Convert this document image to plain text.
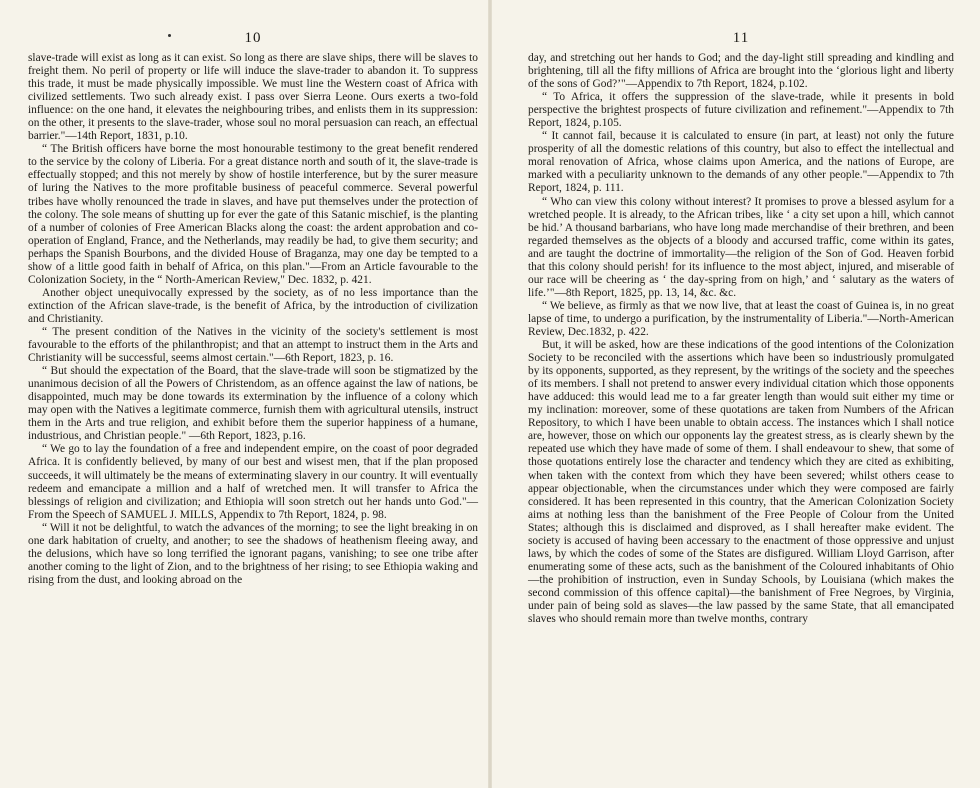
10

slave-trade will exist as long as it can exist. So long as there are slave ships, there will be slaves to freight them. No peril of property or life will induce the slave-trader to abandon it. To suppress this trade, it must be made physically impossible. We must line the Western coast of Africa with civilized settlements. Two such already exist. I pass over Sierra Leone. Ours exerts a two-fold influence: on the one hand, it elevates the neighbouring tribes, and enlists them in its suppression: on the other, it presents to the slave-trader, whose soul no moral persuasion can reach, an effectual barrier."—14th Report, 1831, p.10.

“ The British officers have borne the most honourable testimony to the great benefit rendered to the service by the colony of Liberia. For a great distance north and south of it, the slave-trade is effectually stopped; and this not merely by show of hostile interference, but by the surer measure of luring the Natives to the more profitable business of peaceful commerce. Several powerful tribes have wholly renounced the trade in slaves, and have put themselves under the protection of the colony. The sole means of shutting up for ever the gate of this Satanic mischief, is the planting of a number of colonies of Free American Blacks along the coast: the ardent approbation and co-operation of England, France, and the Netherlands, may readily be had, to give them security; and perhaps the Spanish Bourbons, and the divided House of Braganza, may one day be tempted to a show of a little good faith in behalf of Africa, on this plan."—From an Article favourable to the Colonization Society, in the “ North-American Review," Dec. 1832, p. 421.

Another object unequivocally expressed by the society, as of no less importance than the extinction of the African slave-trade, is the benefit of Africa, by the introduction of civilization and Christianity.

“ The present condition of the Natives in the vicinity of the society's settlement is most favourable to the efforts of the philanthropist; and that an attempt to instruct them in the Arts and Christianity will be successful, seems almost certain."—6th Report, 1823, p. 16.

“ But should the expectation of the Board, that the slave-trade will soon be stigmatized by the unanimous decision of all the Powers of Christendom, as an offence against the law of nations, be disappointed, much may be done towards its extermination by the influence of a colony which may open with the Natives a legitimate commerce, furnish them with agricultural utensils, instruct them in the Arts and true religion, and exhibit before them the superior happiness of a humane, industrious, and Christian people." —6th Report, 1823, p.16.

“ We go to lay the foundation of a free and independent empire, on the coast of poor degraded Africa. It is confidently believed, by many of our best and wisest men, that if the plan proposed succeeds, it will ultimately be the means of exterminating slavery in our country. It will eventually redeem and emancipate a million and a half of wretched men. It will transfer to Africa the blessings of religion and civilization; and Ethiopia will soon stretch out her hands unto God."—From the Speech of SAMUEL J. MILLS, Appendix to 7th Report, 1824, p. 98.

“ Will it not be delightful, to watch the advances of the morning; to see the light breaking in on one dark habitation of cruelty, and another; to see the shadows of heathenism fleeing away, and the delusions, which have so long terrified the ignorant pagans, vanishing; to see one tribe after another coming to the light of Zion, and to the brightness of her rising; to see Ethiopia waking and rising from the dust, and looking abroad on the

11

day, and stretching out her hands to God; and the day-light still spreading and kindling and brightening, till all the fifty millions of Africa are brought into the ‘glorious light and liberty of the sons of God?’"—Appendix to 7th Report, 1824, p.102.

“ To Africa, it offers the suppression of the slave-trade, while it presents in bold perspective the brightest prospects of future civilization and refinement."—Appendix to 7th Report, 1824, p.105.

“ It cannot fail, because it is calculated to ensure (in part, at least) not only the future prosperity of all the domestic relations of this country, but also to effect the intellectual and moral renovation of Africa, whose claims upon America, and the nations of Europe, are marked with a peculiarity unknown to the demands of any other people."—Appendix to 7th Report, 1824, p. 111.

“ Who can view this colony without interest? It promises to prove a blessed asylum for a wretched people. It is already, to the African tribes, like ‘ a city set upon a hill, which cannot be hid.’ A thousand barbarians, who have long made merchandise of their brethren, and been regarded themselves as the objects of a bloody and accursed traffic, come within its gates, and are taught the doctrine of immortality—the religion of the Son of God. Heaven forbid that this colony should perish! for its influence to the most abject, injured, and miserable of our race will be cheering as ‘ the day-spring from on high,’ and ‘ salutary as the waters of life.’"—8th Report, 1825, pp. 13, 14, &c. &c.

“ We believe, as firmly as that we now live, that at least the coast of Guinea is, in no great lapse of time, to undergo a purification, by the instrumentality of Liberia."—North-American Review, Dec.1832, p. 422.

But, it will be asked, how are these indications of the good intentions of the Colonization Society to be reconciled with the assertions which have been so industriously promulgated by its opponents, supported, as they represent, by the writings of the society and the speeches of its members. I shall not pretend to answer every individual citation which those opponents have adduced: this would lead me to a far greater length than would suit either my time or my inclination: moreover, some of these quotations are taken from Numbers of the African Repository, to which I have been unable to obtain access. The instances which I shall notice are, however, those on which our opponents lay the greatest stress, as is clearly shewn by the repeated use which they have made of some of them. I shall endeavour to shew, that some of those quotations entirely lose the character and tendency which they are cited as exhibiting, when taken with the context from which they have been severed; whilst others cease to appear objectionable, when the circumstances under which they were composed are fairly considered. It has been represented in this country, that the American Colonization Society aims at nothing less than the banishment of the Free People of Colour from the United States; although this is disclaimed and disproved, as I shall hereafter make evident. The society is accused of having been accessary to the enactment of those oppressive and unjust laws, by which the codes of some of the States are disfigured. William Lloyd Garrison, after enumerating some of these acts, such as the banishment of the Coloured inhabitants of Ohio—the prohibition of instruction, even in Sunday Schools, by Louisiana (which makes the second commission of this offence capital)—the banishment of Free Negroes, by Virginia, under pain of being sold as slaves—the law passed by the same State, that all emancipated slaves who should remain more than twelve months, contrary
